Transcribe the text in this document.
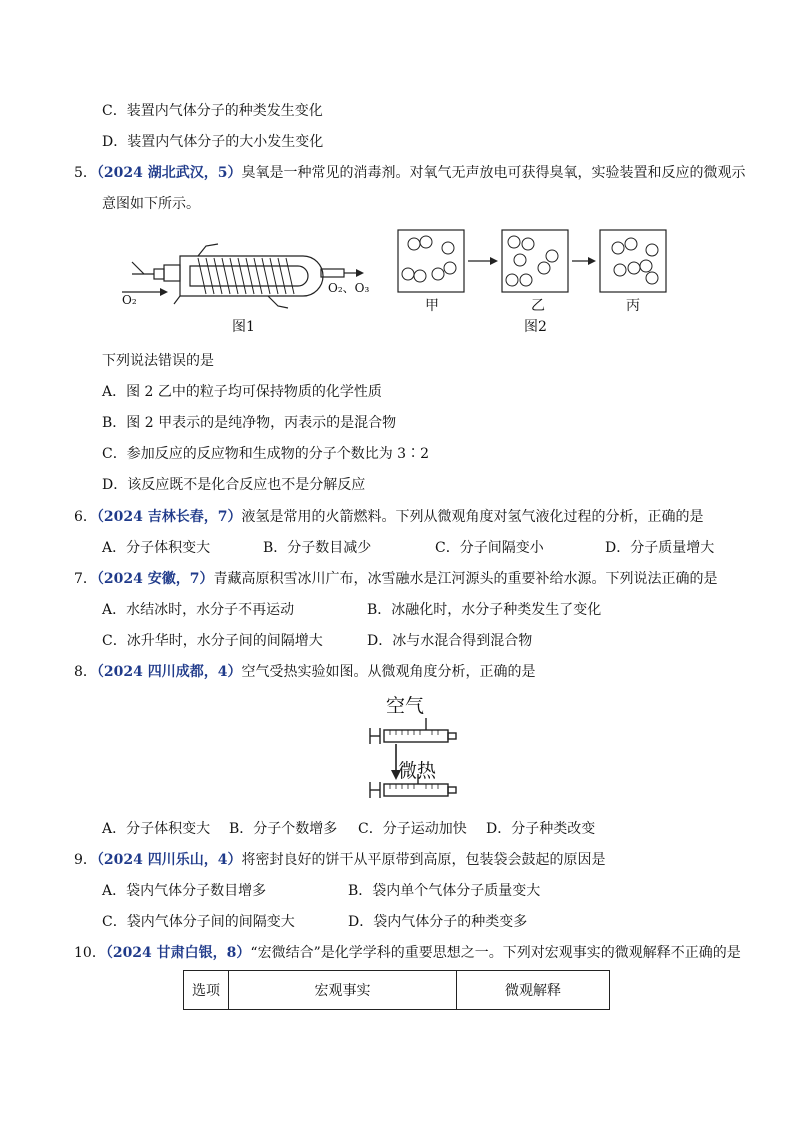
C．装置内气体分子的种类发生变化
D．装置内气体分子的大小发生变化
5．（2024 湖北武汉，5）臭氧是一种常见的消毒剂。对氧气无声放电可获得臭氧，实验装置和反应的微观示
意图如下所示。
O₂
O₂、O₃
图1
甲	乙	丙
图2
下列说法错误的是
A．图 2 乙中的粒子均可保持物质的化学性质
B．图 2 甲表示的是纯净物，丙表示的是混合物
C．参加反应的反应物和生成物的分子个数比为 3∶2
D．该反应既不是化合反应也不是分解反应
6．（2024 吉林长春，7）液氢是常用的火箭燃料。下列从微观角度对氢气液化过程的分析，正确的是
A．分子体积变大	B．分子数目减少	C．分子间隔变小	D．分子质量增大
7．（2024 安徽，7）青藏高原积雪冰川广布，冰雪融水是江河源头的重要补给水源。下列说法正确的是
A．水结冰时，水分子不再运动	B．冰融化时，水分子种类发生了变化
C．冰升华时，水分子间的间隔增大	D．冰与水混合得到混合物
8．（2024 四川成都，4）空气受热实验如图。从微观角度分析，正确的是
空气
微热
A．分子体积变大 B．分子个数增多 C．分子运动加快 D．分子种类改变
9．（2024 四川乐山，4）将密封良好的饼干从平原带到高原，包装袋会鼓起的原因是
A．袋内气体分子数目增多	B．袋内单个气体分子质量变大
C．袋内气体分子间的间隔变大	D．袋内气体分子的种类变多
10．（2024 甘肃白银，8）“宏微结合”是化学学科的重要思想之一。下列对宏观事实的微观解释不正确的是
选项	宏观事实	微观解释
